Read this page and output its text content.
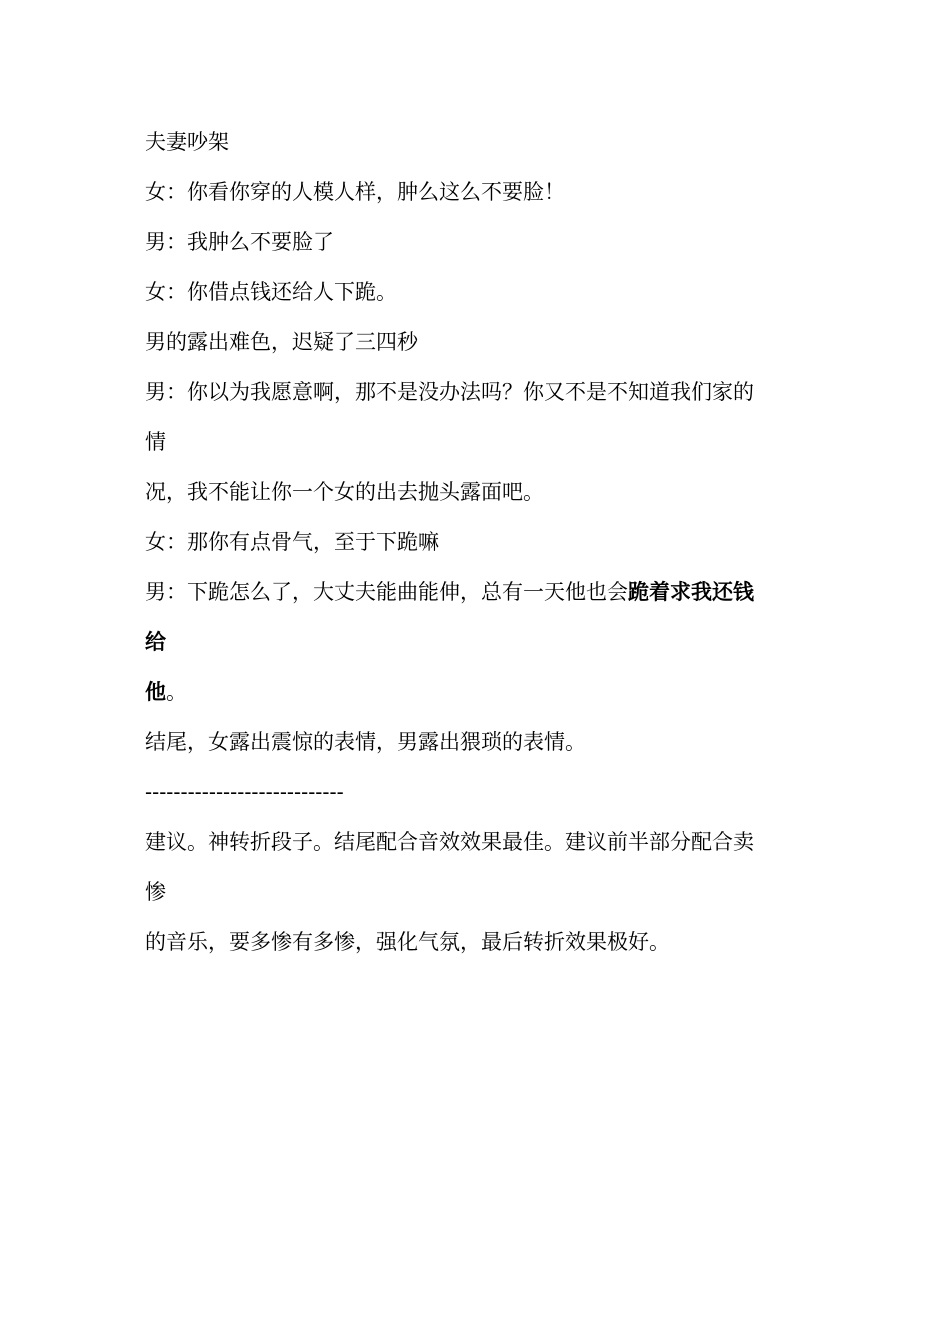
夫妻吵架
女：你看你穿的人模人样，肿么这么不要脸！
男：我肿么不要脸了
女：你借点钱还给人下跪。
男的露出难色，迟疑了三四秒
男：你以为我愿意啊，那不是没办法吗？你又不是不知道我们家的
情
况，我不能让你一个女的出去抛头露面吧。
女：那你有点骨气，至于下跪嘛
男：下跪怎么了，大丈夫能曲能伸，总有一天他也会跪着求我还钱
给
他。
结尾，女露出震惊的表情，男露出猥琐的表情。
----------------------------
建议。神转折段子。结尾配合音效效果最佳。建议前半部分配合卖
惨
的音乐，要多惨有多惨，强化气氛，最后转折效果极好。
